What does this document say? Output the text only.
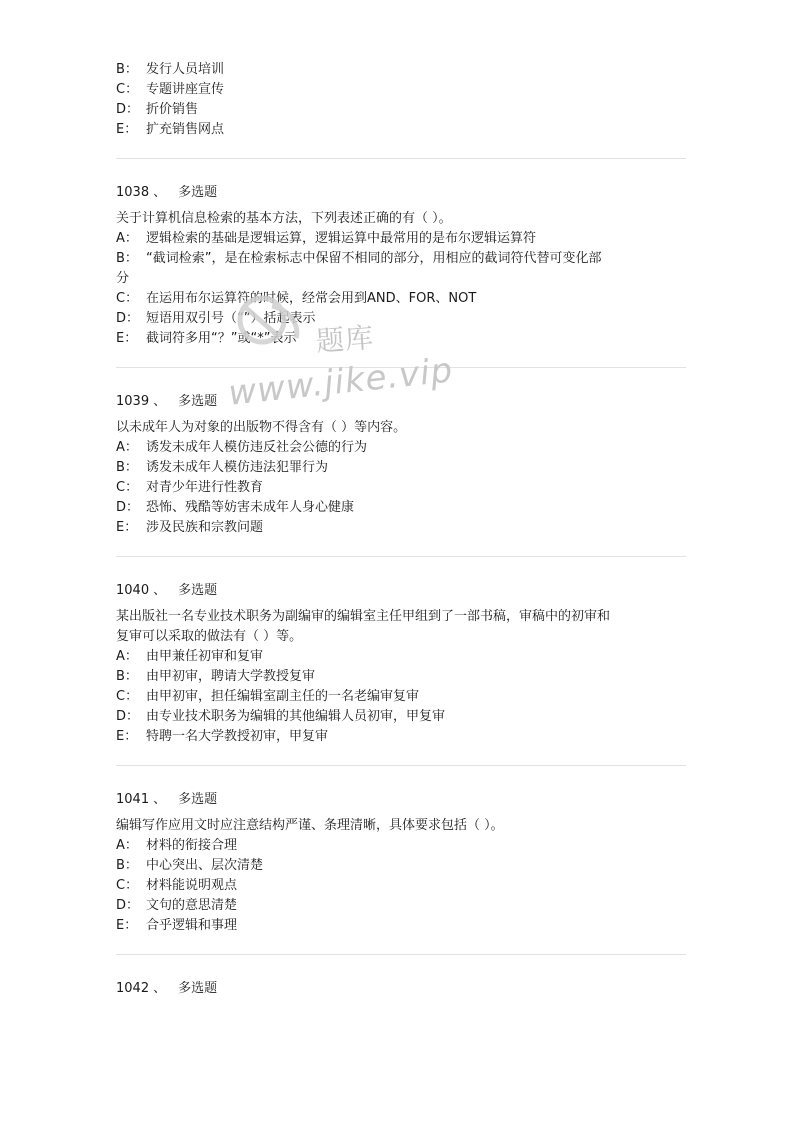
B： 发行人员培训
C： 专题讲座宣传
D： 折价销售
E： 扩充销售网点
1038 、 多选题
关于计算机信息检索的基本方法，下列表述正确的有（ ）。
A： 逻辑检索的基础是逻辑运算，逻辑运算中最常用的是布尔逻辑运算符
B： “截词检索”，是在检索标志中保留不相同的部分，用相应的截词符代替可变化部
分
C： 在运用布尔运算符的时候，经常会用到AND、FOR、NOT
D： 短语用双引号（“”）括起表示
E： 截词符多用“？”或“*”表示
1039 、 多选题
以未成年人为对象的出版物不得含有（ ）等内容。
A： 诱发未成年人模仿违反社会公德的行为
B： 诱发未成年人模仿违法犯罪行为
C： 对青少年进行性教育
D： 恐怖、残酷等妨害未成年人身心健康
E： 涉及民族和宗教问题
1040 、 多选题
某出版社一名专业技术职务为副编审的编辑室主任甲组到了一部书稿，审稿中的初审和
复审可以采取的做法有（ ）等。
A： 由甲兼任初审和复审
B： 由甲初审，聘请大学教授复审
C： 由甲初审，担任编辑室副主任的一名老编审复审
D： 由专业技术职务为编辑的其他编辑人员初审，甲复审
E： 特聘一名大学教授初审，甲复审
1041 、 多选题
编辑写作应用文时应注意结构严谨、条理清晰，具体要求包括（ ）。
A： 材料的衔接合理
B： 中心突出、层次清楚
C： 材料能说明观点
D： 文句的意思清楚
E： 合乎逻辑和事理
1042 、 多选题
题库
www.jike.vip
